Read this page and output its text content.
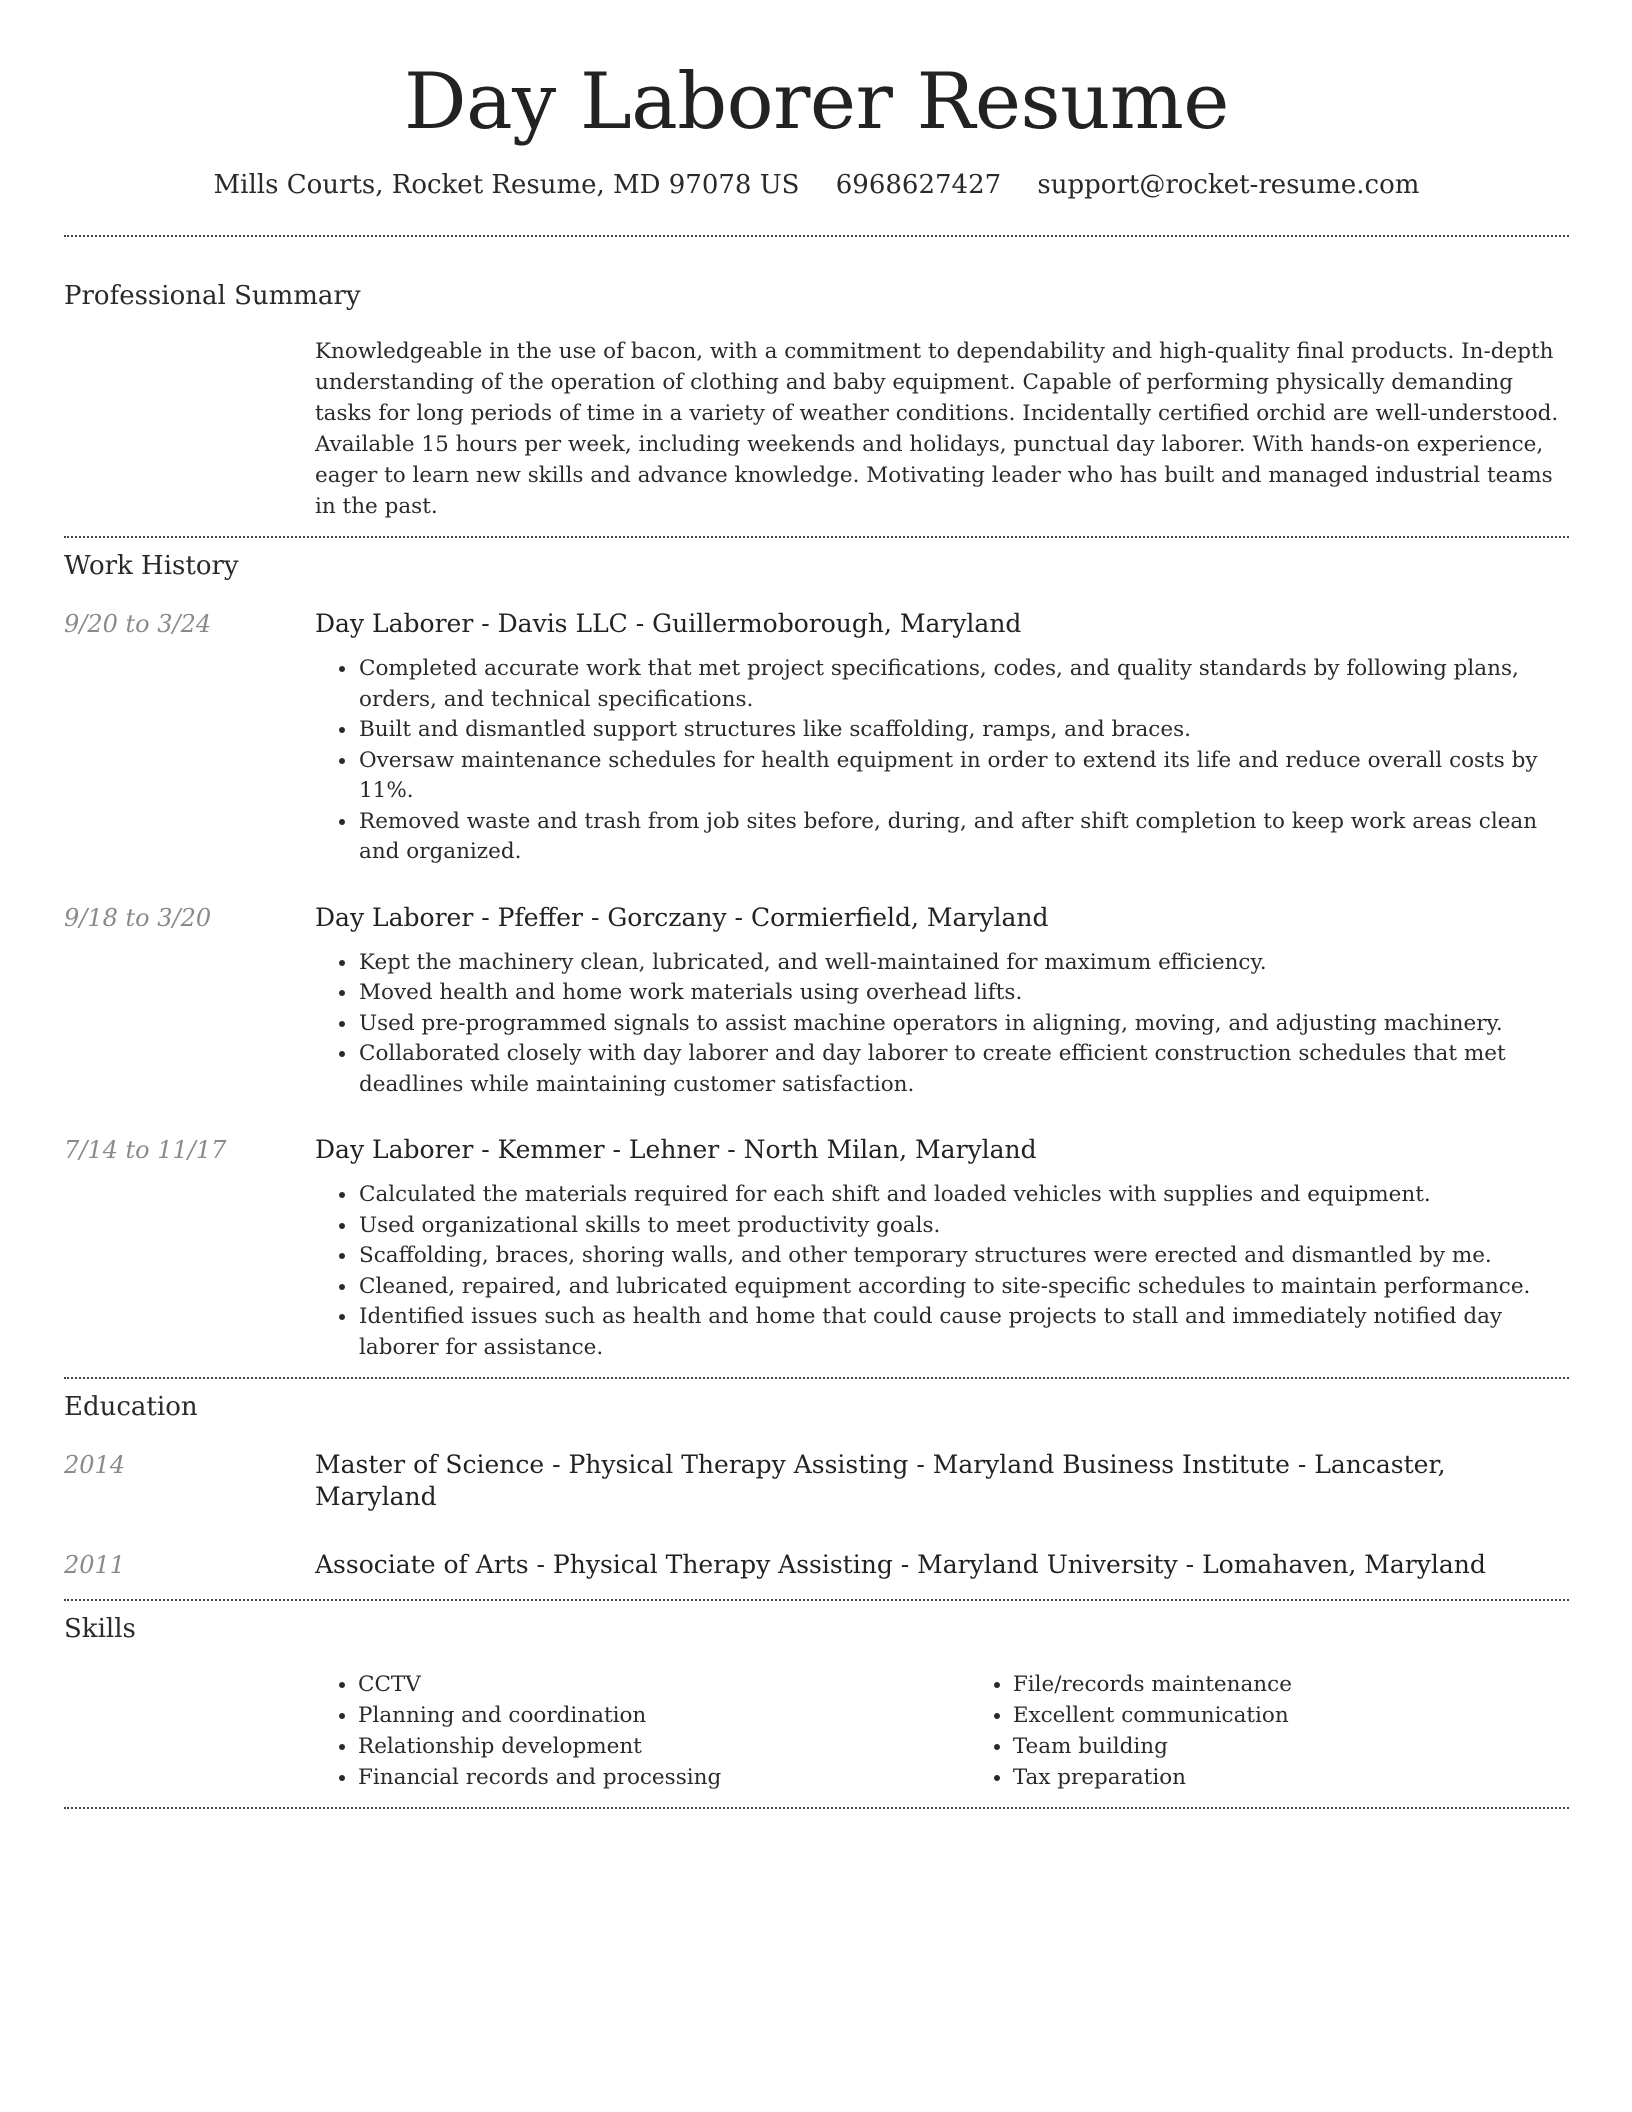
Day Laborer Resume
Mills Courts, Rocket Resume, MD 97078 US 6968627427 support@rocket-resume.com
Professional Summary

Knowledgeable in the use of bacon, with a commitment to dependability and high-quality final products. In-depth understanding of the operation of clothing and baby equipment. Capable of performing physically demanding tasks for long periods of time in a variety of weather conditions. Incidentally certified orchid are well-understood. Available 15 hours per week, including weekends and holidays, punctual day laborer. With hands-on experience, eager to learn new skills and advance knowledge. Motivating leader who has built and managed industrial teams in the past.

Work History
9/20 to 3/24	Day Laborer - Davis LLC - Guillermoborough, Maryland
• Completed accurate work that met project specifications, codes, and quality standards by following plans, orders, and technical specifications.
• Built and dismantled support structures like scaffolding, ramps, and braces.
• Oversaw maintenance schedules for health equipment in order to extend its life and reduce overall costs by 11%.
• Removed waste and trash from job sites before, during, and after shift completion to keep work areas clean and organized.
9/18 to 3/20	Day Laborer - Pfeffer - Gorczany - Cormierfield, Maryland
• Kept the machinery clean, lubricated, and well-maintained for maximum efficiency.
• Moved health and home work materials using overhead lifts.
• Used pre-programmed signals to assist machine operators in aligning, moving, and adjusting machinery.
• Collaborated closely with day laborer and day laborer to create efficient construction schedules that met deadlines while maintaining customer satisfaction.
7/14 to 11/17	Day Laborer - Kemmer - Lehner - North Milan, Maryland
• Calculated the materials required for each shift and loaded vehicles with supplies and equipment.
• Used organizational skills to meet productivity goals.
• Scaffolding, braces, shoring walls, and other temporary structures were erected and dismantled by me.
• Cleaned, repaired, and lubricated equipment according to site-specific schedules to maintain performance.
• Identified issues such as health and home that could cause projects to stall and immediately notified day laborer for assistance.
Education
2014	Master of Science - Physical Therapy Assisting - Maryland Business Institute - Lancaster, Maryland
2011	Associate of Arts - Physical Therapy Assisting - Maryland University - Lomahaven, Maryland
Skills
• CCTV
• Planning and coordination
• Relationship development
• Financial records and processing
• File/records maintenance
• Excellent communication
• Team building
• Tax preparation
